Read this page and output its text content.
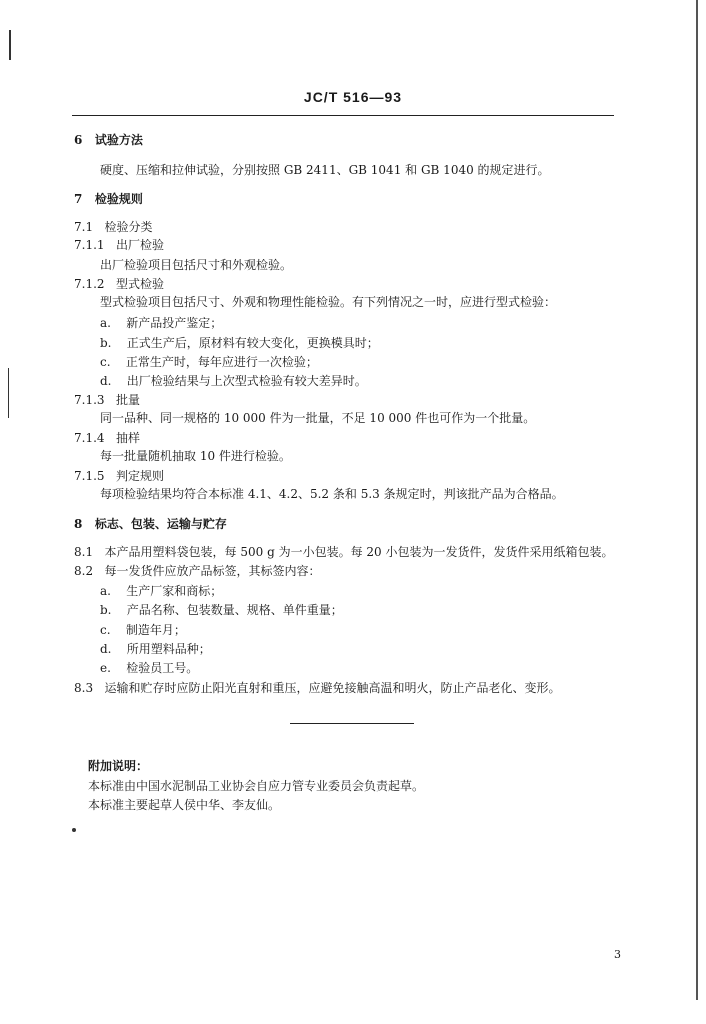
JC/T 516—93
6 试验方法
硬度、压缩和拉伸试验，分别按照 GB 2411、GB 1041 和 GB 1040 的规定进行。
7 检验规则
7.1 检验分类
7.1.1 出厂检验
出厂检验项目包括尺寸和外观检验。
7.1.2 型式检验
型式检验项目包括尺寸、外观和物理性能检验。有下列情况之一时，应进行型式检验：
a. 新产品投产鉴定；
b. 正式生产后，原材料有较大变化，更换模具时；
c. 正常生产时，每年应进行一次检验；
d. 出厂检验结果与上次型式检验有较大差异时。
7.1.3 批量
同一品种、同一规格的 10 000 件为一批量，不足 10 000 件也可作为一个批量。
7.1.4 抽样
每一批量随机抽取 10 件进行检验。
7.1.5 判定规则
每项检验结果均符合本标准 4.1、4.2、5.2 条和 5.3 条规定时，判该批产品为合格品。
8 标志、包装、运输与贮存
8.1 本产品用塑料袋包装，每 500 g 为一小包装。每 20 小包装为一发货件，发货件采用纸箱包装。
8.2 每一发货件应放产品标签，其标签内容：
a. 生产厂家和商标；
b. 产品名称、包装数量、规格、单件重量；
c. 制造年月；
d. 所用塑料品种；
e. 检验员工号。
8.3 运输和贮存时应防止阳光直射和重压，应避免接触高温和明火，防止产品老化、变形。
附加说明：
本标准由中国水泥制品工业协会自应力管专业委员会负责起草。
本标准主要起草人侯中华、李友仙。
3
